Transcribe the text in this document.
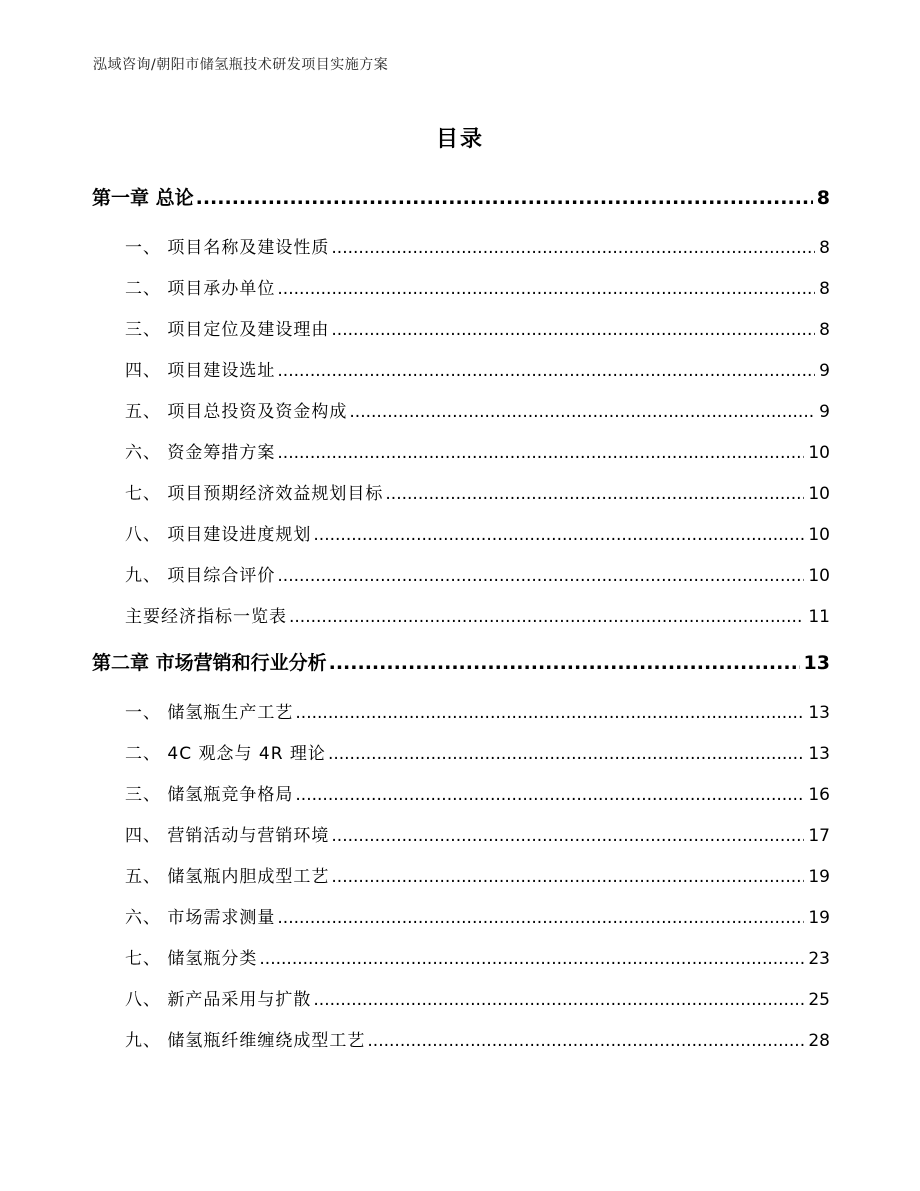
泓域咨询/朝阳市储氢瓶技术研发项目实施方案
目录
第一章 总论 .....	8
一、 项目名称及建设性质 .....	8
二、 项目承办单位 .....	8
三、 项目定位及建设理由 .....	8
四、 项目建设选址 .....	9
五、 项目总投资及资金构成 .....	9
六、 资金筹措方案 .....	10
七、 项目预期经济效益规划目标 .....	10
八、 项目建设进度规划 .....	10
九、 项目综合评价 .....	10
主要经济指标一览表 .....	11
第二章 市场营销和行业分析 .....	13
一、 储氢瓶生产工艺 .....	13
二、 4C 观念与 4R 理论 .....	13
三、 储氢瓶竞争格局 .....	16
四、 营销活动与营销环境 .....	17
五、 储氢瓶内胆成型工艺 .....	19
六、 市场需求测量 .....	19
七、 储氢瓶分类 .....	23
八、 新产品采用与扩散 .....	25
九、 储氢瓶纤维缠绕成型工艺 .....	28
